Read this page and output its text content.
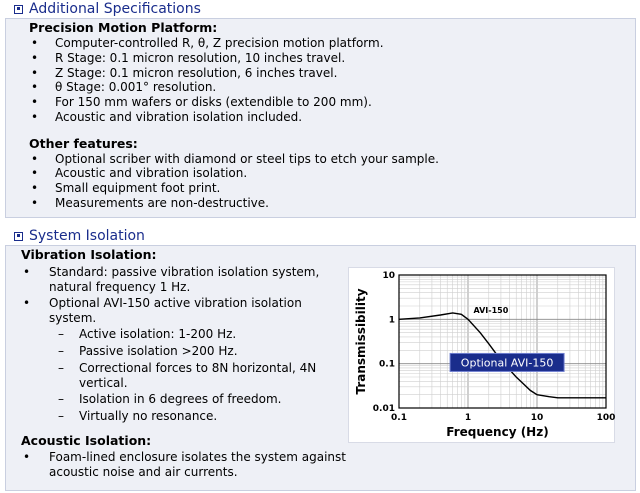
Additional Specifications
Precision Motion Platform:
• Computer-controlled R, θ, Z precision motion platform.
• R Stage: 0.1 micron resolution, 10 inches travel.
• Z Stage: 0.1 micron resolution, 6 inches travel.
• θ Stage: 0.001° resolution.
• For 150 mm wafers or disks (extendible to 200 mm).
• Acoustic and vibration isolation included.
Other features:
• Optional scriber with diamond or steel tips to etch your sample.
• Acoustic and vibration isolation.
• Small equipment foot print.
• Measurements are non-destructive.
System Isolation
Vibration Isolation:
• Standard: passive vibration isolation system,
natural frequency 1 Hz.
• Optional AVI-150 active vibration isolation
system.
– Active isolation: 1-200 Hz.
– Passive isolation >200 Hz.
– Correctional forces to 8N horizontal, 4N
vertical.
– Isolation in 6 degrees of freedom.
– Virtually no resonance.
Acoustic Isolation:
• Foam-lined enclosure isolates the system against
acoustic noise and air currents.
0.1	1	10	100
10
1
0.1
0.01
Frequency (Hz)
Transmissibility	AVI-150
Optional AVI-150
